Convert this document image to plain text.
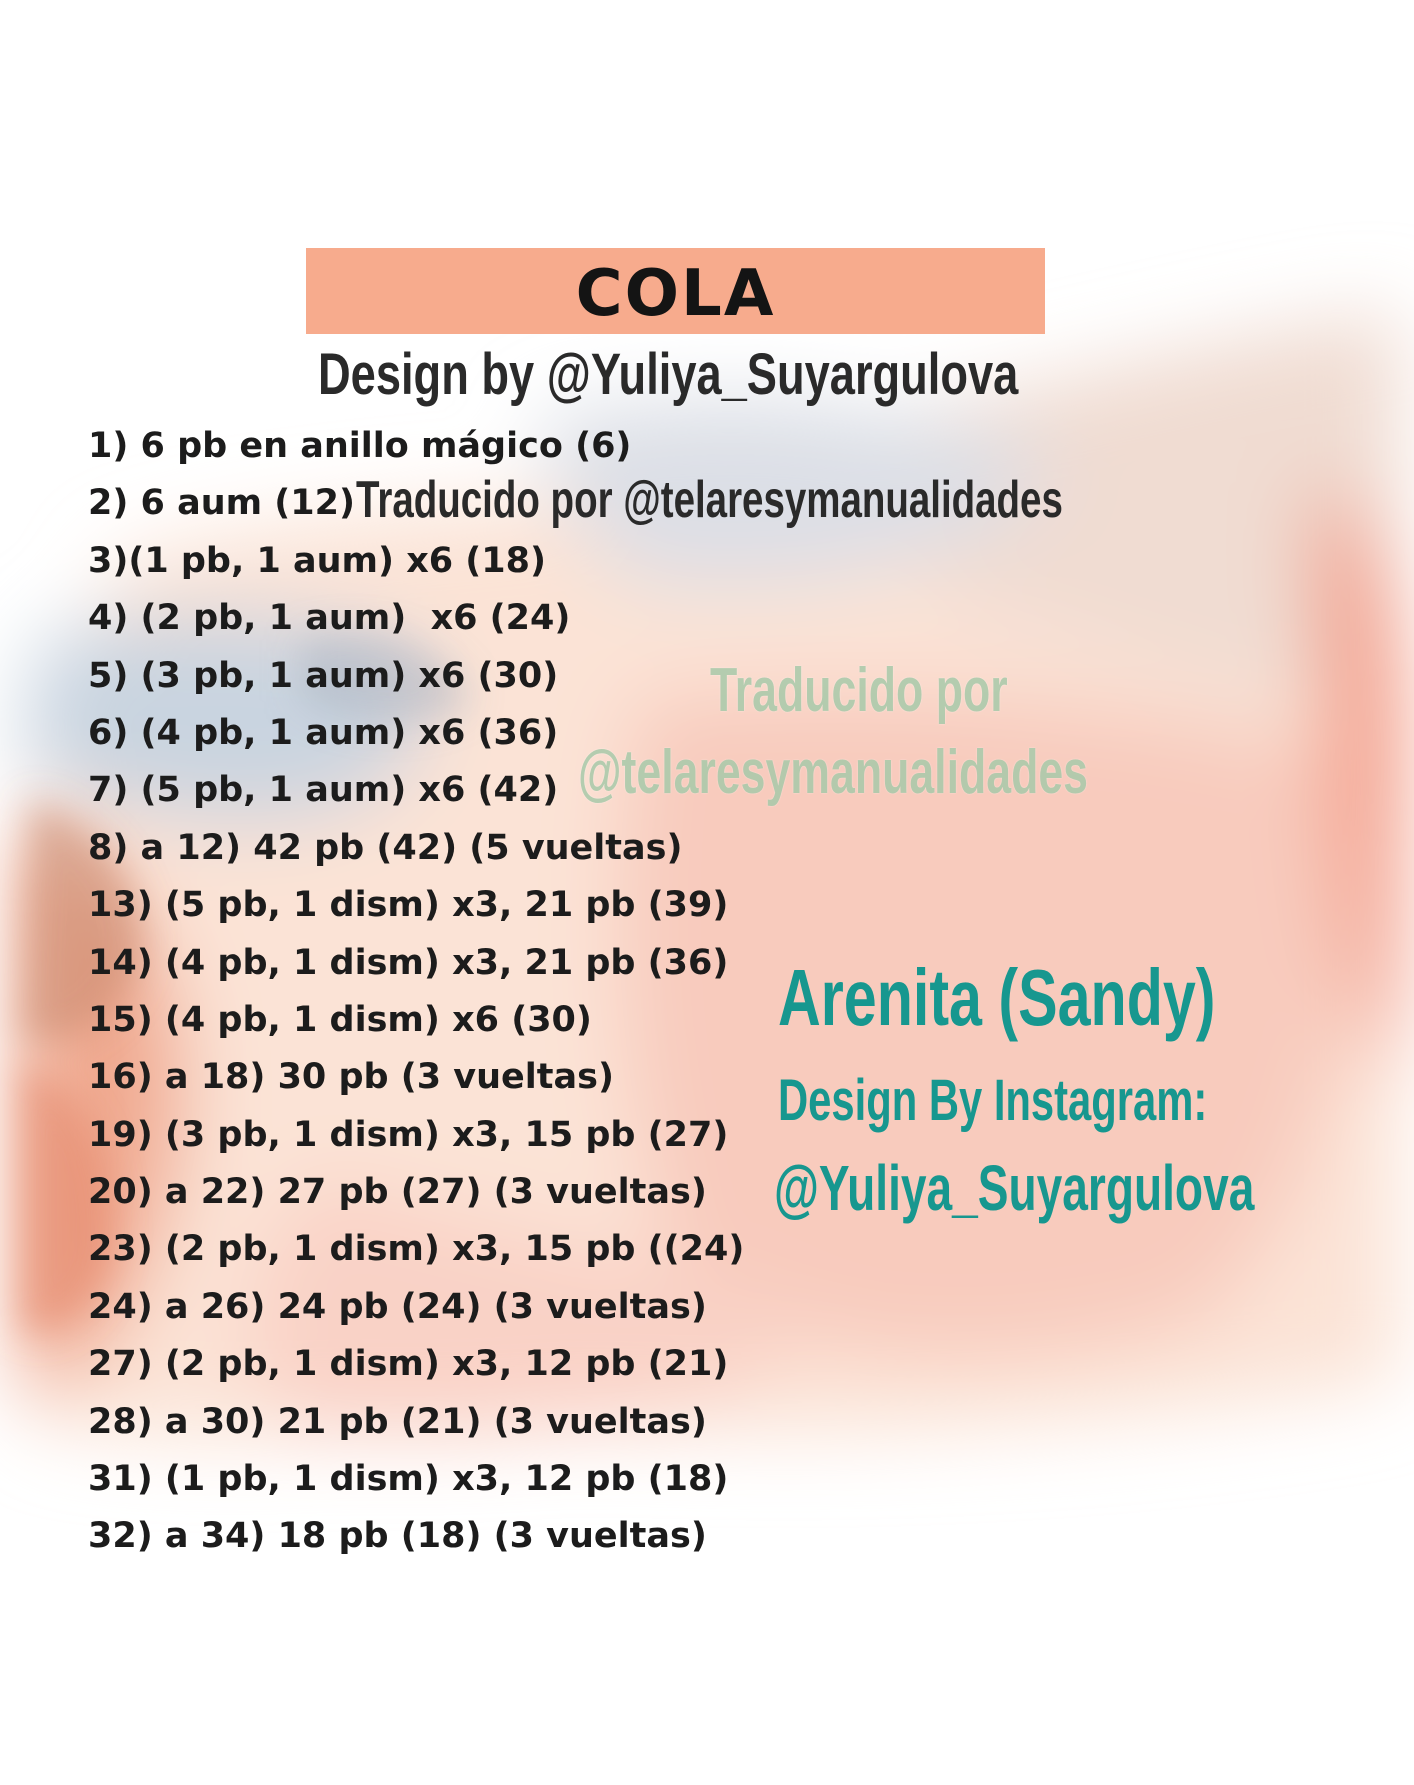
COLA
Design by @Yuliya_Suyargulova
Traducido por @telaresymanualidades
1) 6 pb en anillo mágico (6)
2) 6 aum (12)
3)(1 pb, 1 aum) x6 (18)
4) (2 pb, 1 aum)  x6 (24)
5) (3 pb, 1 aum) x6 (30)
6) (4 pb, 1 aum) x6 (36)
7) (5 pb, 1 aum) x6 (42)
8) a 12) 42 pb (42) (5 vueltas)
13) (5 pb, 1 dism) x3, 21 pb (39)
14) (4 pb, 1 dism) x3, 21 pb (36)
15) (4 pb, 1 dism) x6 (30)
16) a 18) 30 pb (3 vueltas)
19) (3 pb, 1 dism) x3, 15 pb (27)
20) a 22) 27 pb (27) (3 vueltas)
23) (2 pb, 1 dism) x3, 15 pb ((24)
24) a 26) 24 pb (24) (3 vueltas)
27) (2 pb, 1 dism) x3, 12 pb (21)
28) a 30) 21 pb (21) (3 vueltas)
31) (1 pb, 1 dism) x3, 12 pb (18)
32) a 34) 18 pb (18) (3 vueltas)
Traducido por
@telaresymanualidades
Arenita (Sandy)
Design By Instagram:
@Yuliya_Suyargulova
